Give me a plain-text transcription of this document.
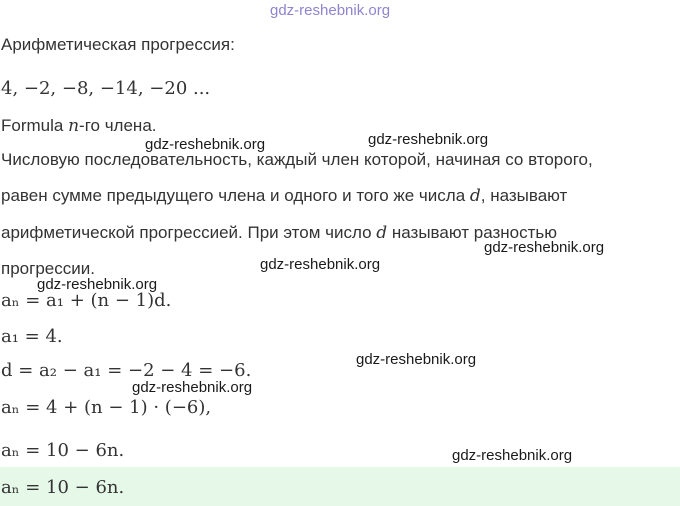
gdz-reshebnik.org
Арифметическая прогрессия:
4, −2, −8, −14, −20 ...
Formula n-го члена.
Числовую последовательность, каждый член которой, начиная со второго,
равен сумме предыдущего члена и одного и того же числа d, называют
арифметической прогрессией. При этом число d называют разностью
прогрессии.
aₙ = a₁ + (n − 1)d.
a₁ = 4.
d = a₂ − a₁ = −2 − 4 = −6.
aₙ = 4 + (n − 1) · (−6),
aₙ = 10 − 6n.
aₙ = 10 − 6n.
gdz-reshebnik.org	gdz-reshebnik.org
gdz-reshebnik.org
gdz-reshebnik.org
gdz-reshebnik.org
gdz-reshebnik.org
gdz-reshebnik.org
gdz-reshebnik.org
